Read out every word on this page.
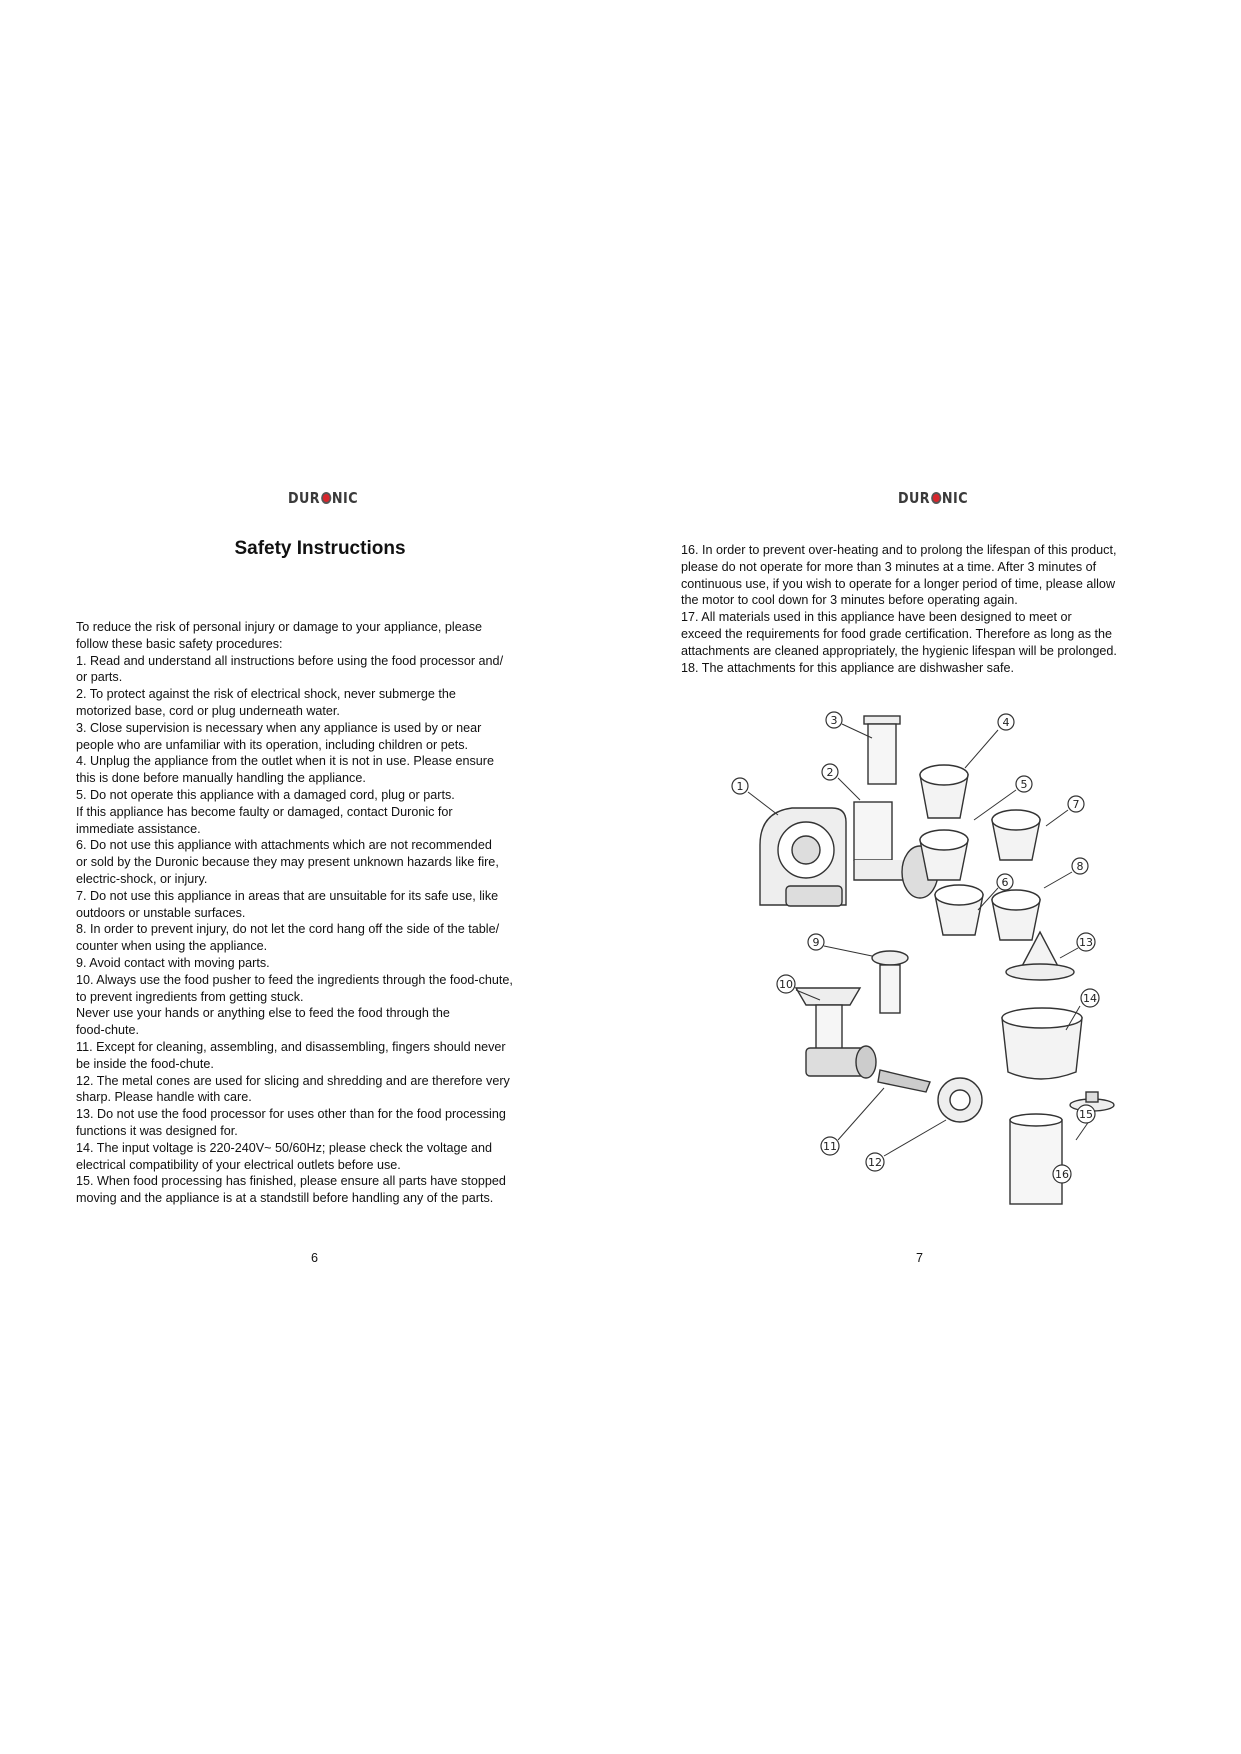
DUR NIC
Safety Instructions
To reduce the risk of personal injury or damage to your appliance, please
follow these basic safety procedures:
1. Read and understand all instructions before using the food processor and/
or parts.
2. To protect against the risk of electrical shock, never submerge the
motorized base, cord or plug underneath water.
3. Close supervision is necessary when any appliance is used by or near
people who are unfamiliar with its operation, including children or pets.
4. Unplug the appliance from the outlet when it is not in use. Please ensure
this is done before manually handling the appliance.
5. Do not operate this appliance with a damaged cord, plug or parts.
If this appliance has become faulty or damaged, contact Duronic for
immediate assistance.
6. Do not use this appliance with attachments which are not recommended
or sold by the Duronic because they may present unknown hazards like fire,
electric-shock, or injury.
7. Do not use this appliance in areas that are unsuitable for its safe use, like
outdoors or unstable surfaces.
8. In order to prevent injury, do not let the cord hang off the side of the table/
counter when using the appliance.
9. Avoid contact with moving parts.
10. Always use the food pusher to feed the ingredients through the food-chute,
to prevent ingredients from getting stuck.
Never use your hands or anything else to feed the food through the
food-chute.
11. Except for cleaning, assembling, and disassembling, fingers should never
be inside the food-chute.
12. The metal cones are used for slicing and shredding and are therefore very
sharp. Please handle with care.
13. Do not use the food processor for uses other than for the food processing
functions it was designed for.
14. The input voltage is 220-240V~ 50/60Hz; please check the voltage and
electrical compatibility of your electrical outlets before use.
15. When food processing has finished, please ensure all parts have stopped
moving and the appliance is at a standstill before handling any of the parts.
6
DUR NIC
16. In order to prevent over-heating and to prolong the lifespan of this product,
please do not operate for more than 3 minutes at a time. After 3 minutes of
continuous use, if you wish to operate for a longer period of time, please allow
the motor to cool down for 3 minutes before operating again.
17. All materials used in this appliance have been designed to meet or
exceed the requirements for food grade certification. Therefore as long as the
attachments are cleaned appropriately, the hygienic lifespan will be prolonged.
18. The attachments for this appliance are dishwasher safe.
1
2
3	4
5
6
7
8
9
10
11
12
13
14
15
16
7
